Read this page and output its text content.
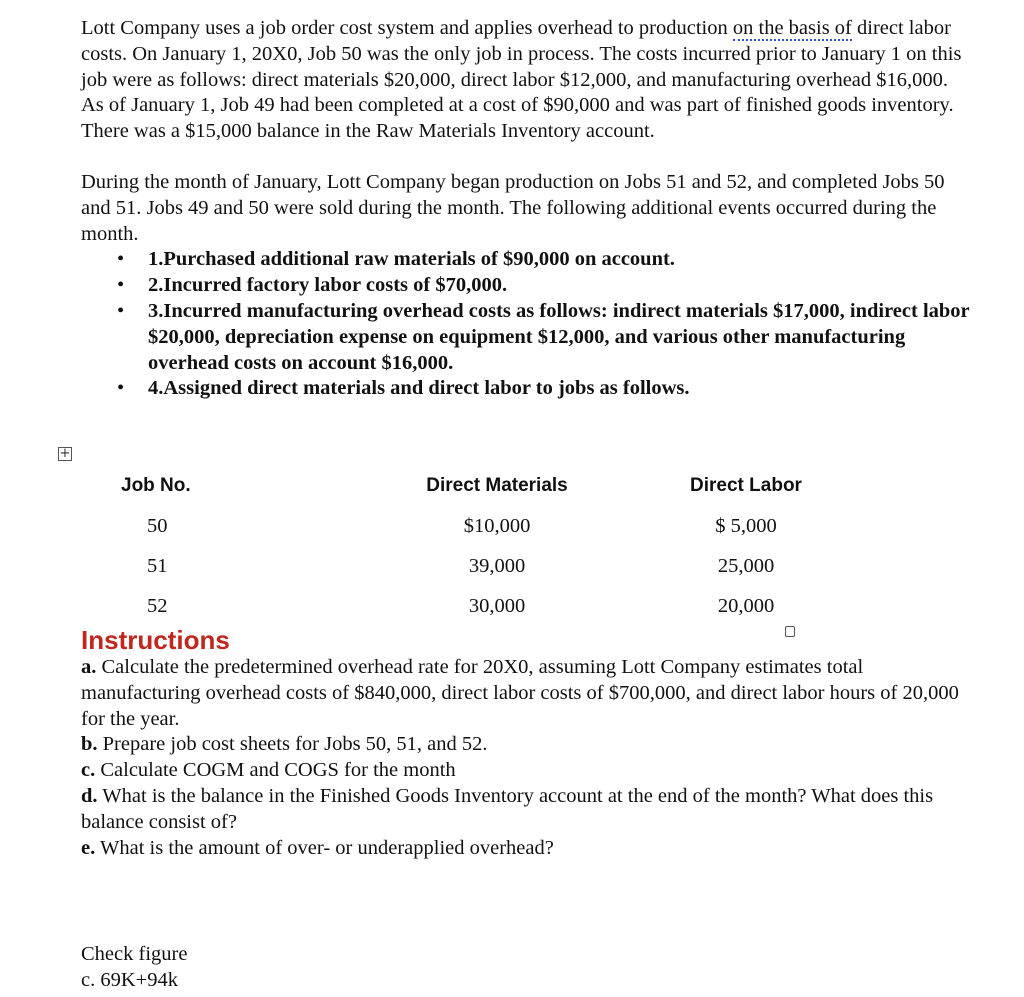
Lott Company uses a job order cost system and applies overhead to production on the basis of direct labor costs. On January 1, 20X0, Job 50 was the only job in process. The costs incurred prior to January 1 on this job were as follows: direct materials $20,000, direct labor $12,000, and manufacturing overhead $16,000. As of January 1, Job 49 had been completed at a cost of $90,000 and was part of finished goods inventory. There was a $15,000 balance in the Raw Materials Inventory account.

During the month of January, Lott Company began production on Jobs 51 and 52, and completed Jobs 50 and 51. Jobs 49 and 50 were sold during the month. The following additional events occurred during the month.

• 1.Purchased additional raw materials of $90,000 on account.
• 2.Incurred factory labor costs of $70,000.
• 3.Incurred manufacturing overhead costs as follows: indirect materials $17,000, indirect labor $20,000, depreciation expense on equipment $12,000, and various other manufacturing overhead costs on account $16,000.
• 4.Assigned direct materials and direct labor to jobs as follows.
+
Job No.	Direct Materials	Direct Labor
50	$10,000	$ 5,000
51	39,000	25,000
52	30,000	20,000
Instructions

a. Calculate the predetermined overhead rate for 20X0, assuming Lott Company estimates total manufacturing overhead costs of $840,000, direct labor costs of $700,000, and direct labor hours of 20,000 for the year.

b. Prepare job cost sheets for Jobs 50, 51, and 52.

c. Calculate COGM and COGS for the month

d. What is the balance in the Finished Goods Inventory account at the end of the month? What does this balance consist of?

e. What is the amount of over- or underapplied overhead?

Check figure

c. 69K+94k
